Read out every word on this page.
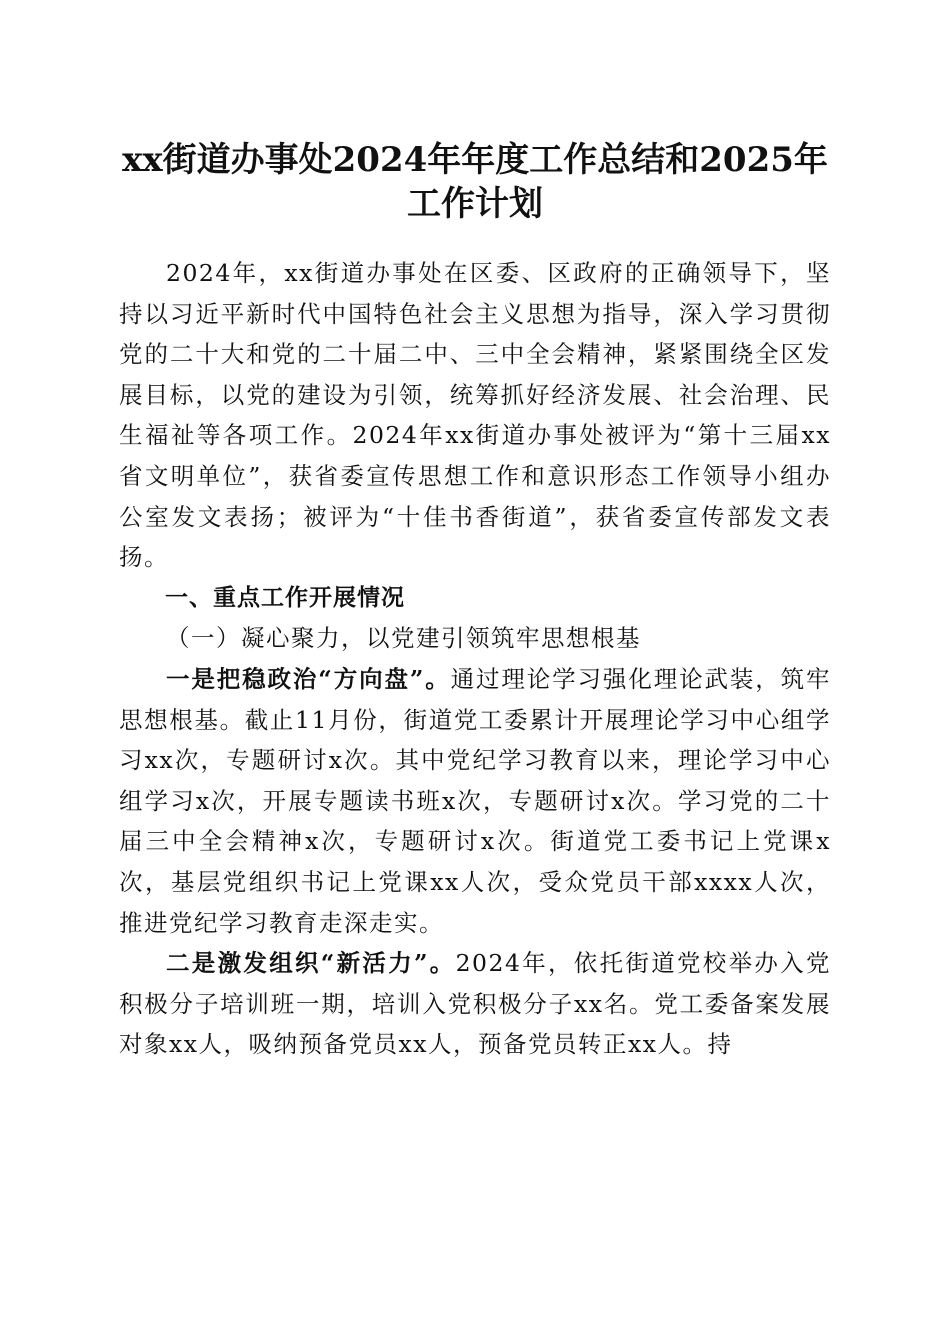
xx街道办事处2024年年度工作总结和2025年
工作计划

2024年，xx街道办事处在区委、区政府的正确领导下，坚持以习近平新时代中国特色社会主义思想为指导，深入学习贯彻党的二十大和党的二十届二中、三中全会精神，紧紧围绕全区发展目标，以党的建设为引领，统筹抓好经济发展、社会治理、民生福祉等各项工作。2024年xx街道办事处被评为“第十三届xx省文明单位”，获省委宣传思想工作和意识形态工作领导小组办公室发文表扬；被评为“十佳书香街道”，获省委宣传部发文表扬。

一、重点工作开展情况

（一）凝心聚力，以党建引领筑牢思想根基

一是把稳政治“方向盘”。通过理论学习强化理论武装，筑牢思想根基。截止11月份，街道党工委累计开展理论学习中心组学习xx次，专题研讨x次。其中党纪学习教育以来，理论学习中心组学习x次，开展专题读书班x次，专题研讨x次。学习党的二十届三中全会精神x次，专题研讨x次。街道党工委书记上党课x次，基层党组织书记上党课xx人次，受众党员干部xxxx人次，推进党纪学习教育走深走实。

二是激发组织“新活力”。2024年，依托街道党校举办入党积极分子培训班一期，培训入党积极分子xx名。党工委备案发展对象xx人，吸纳预备党员xx人，预备党员转正xx人。持
